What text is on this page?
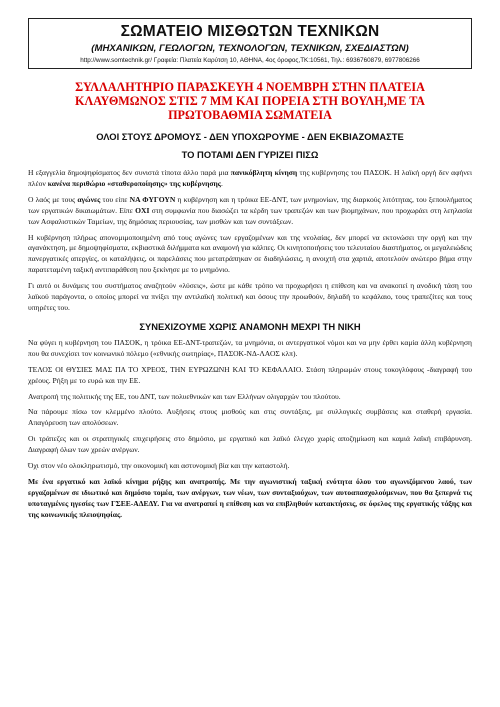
ΣΩΜΑΤΕΙΟ ΜΙΣΘΩΤΩΝ ΤΕΧΝΙΚΩΝ
(ΜΗΧΑΝΙΚΩΝ, ΓΕΩΛΟΓΩΝ, ΤΕΧΝΟΛΟΓΩΝ, ΤΕΧΝΙΚΩΝ, ΣΧΕΔΙΑΣΤΩΝ)
http://www.somtechnik.gr/ Γραφεία: Πλατεία Καρύτση 10, ΑΘΗΝΑ, 4ος όροφος,ΤΚ:10561, Τηλ.: 6936760879, 6977806266
ΣΥΛΛΑΛΗΤΗΡΙΟ ΠΑΡΑΣΚΕΥΗ 4 ΝΟΕΜΒΡΗ ΣΤΗΝ ΠΛΑΤΕΙΑ ΚΛΑΥΘΜΩΝΟΣ ΣΤΙΣ 7 ΜΜ ΚΑΙ ΠΟΡΕΙΑ ΣΤΗ ΒΟΥΛΗ,ΜΕ ΤΑ ΠΡΩΤΟΒΑΘΜΙΑ ΣΩΜΑΤΕΙΑ
ΟΛΟΙ ΣΤΟΥΣ ΔΡΟΜΟΥΣ - ΔΕΝ ΥΠΟΧΩΡΟΥΜΕ - ΔΕΝ ΕΚΒΙΑΖΟΜΑΣΤΕ
ΤΟ ΠΟΤΑΜΙ ΔΕΝ ΓΥΡΙΖΕΙ ΠΙΣΩ

Η εξαγγελία δημοψηφίσματος δεν συνιστά τίποτα άλλο παρά μια πανικόβλητη κίνηση της κυβέρνησης του ΠΑΣΟΚ. Η λαϊκή οργή δεν αφήνει πλέον κανένα περιθώριο «σταθεροποίησης» της κυβέρνησης.

Ο λαός με τους αγώνες του είπε ΝΑ ΦΥΓΟΥΝ η κυβέρνηση και η τρόικα ΕΕ-ΔΝΤ, των μνημονίων, της διαρκούς λιτότητας, του ξεπουλήματος των εργατικών δικαιωμάτων. Είπε ΟΧΙ στη συμφωνία που διασώζει τα κέρδη των τραπεζών και των βιομηχάνων, που προχωράει στη λεηλασία των Ασφαλιστικών Ταμείων, της δημόσιας περιουσίας, των μισθών και των συντάξεων.

Η κυβέρνηση πλήρως απονομιμοποιημένη από τους αγώνες των εργαζομένων και της νεολαίας, δεν μπορεί να εκτονώσει την οργή και την αγανάκτηση, με δημοψηφίσματα, εκβιαστικά διλήμματα και αναμονή για κάλπες. Οι κινητοποιήσεις του τελευταίου διαστήματος, οι μεγαλειώδεις πανεργατικές απεργίες, οι καταλήψεις, οι παρελάσεις που μετατράπηκαν σε διαδηλώσεις, η ανοιχτή στα χαρτιά, αποτελούν ανώτερο βήμα στην παρατεταμένη ταξική αντιπαράθεση που ξεκίνησε με το μνημόνιο.

Γι αυτό οι δυνάμεις του συστήματος αναζητούν «λύσεις», ώστε με κάθε τρόπο να προχωρήσει η επίθεση και να ανακοπεί η ανοδική τάση του λαϊκού παράγοντα, ο οποίος μπορεί να πνίξει την αντιλαϊκή πολιτική και όσους την προωθούν, δηλαδή το κεφάλαιο, τους τραπεζίτες και τους υπηρέτες του.

ΣΥΝΕΧΙΖΟΥΜΕ ΧΩΡΙΣ ΑΝΑΜΟΝΗ ΜΕΧΡΙ ΤΗ ΝΙΚΗ

Να φύγει η κυβέρνηση του ΠΑΣΟΚ, η τρόικα ΕΕ-ΔΝΤ-τραπεζών, τα μνημόνια, οι αντεργατικοί νόμοι και να μην έρθει καμία άλλη κυβέρνηση που θα συνεχίσει τον κοινωνικό πόλεμο («εθνικής σωτηρίας», ΠΑΣΟΚ-ΝΔ-ΛΑΟΣ κλπ).

ΤΕΛΟΣ ΟΙ ΘΥΣΙΕΣ ΜΑΣ ΠΑ ΤΟ ΧΡΕΟΣ, ΤΗΝ ΕΥΡΩΖΩΝΗ ΚΑΙ ΤΟ ΚΕΦΑΛΑΙΟ. Στάση πληρωμών στους τοκογλύφους -διαγραφή του χρέους. Ρήξη με το ευρώ και την ΕΕ.

Ανατροπή της πολιτικής της ΕΕ, του ΔΝΤ, των πολυεθνικών και των Ελλήνων ολιγαρχών του πλούτου.

Να πάρουμε πίσω τον κλεμμένο πλούτο. Αυξήσεις στους μισθούς και στις συντάξεις, με συλλογικές συμβάσεις και σταθερή εργασία. Απαγόρευση των απολύσεων.

Οι τράπεζες και οι στρατηγικές επιχειρήσεις στο δημόσιο, με εργατικό και λαϊκό έλεγχο χωρίς αποζημίωση και καμιά λαϊκή επιβάρυνση. Διαγραφή όλων των χρεών ανέργων.

Όχι στον νέο ολοκληρωτισμό, την οικονομική και αστυνομική βία και την καταστολή.

Με ένα εργατικό και λαϊκό κίνημα ρήξης και ανατροπής. Με την αγωνιστική ταξική ενότητα όλου του αγωνιζόμενου λαού, των εργαζομένων σε ιδιωτικό και δημόσιο τομέα, των ανέργων, των νέων, των συνταξιούχων, των αυτοαπασχολούμενων, που θα ξεπερνά τις υποταγμένες ηγεσίες των ΓΣΕΕ-ΑΔΕΔΥ. Για να ανατραπεί η επίθεση και να επιβληθούν κατακτήσεις, σε όφελος της εργατικής τάξης και της κοινωνικής πλειοψηφίας.
